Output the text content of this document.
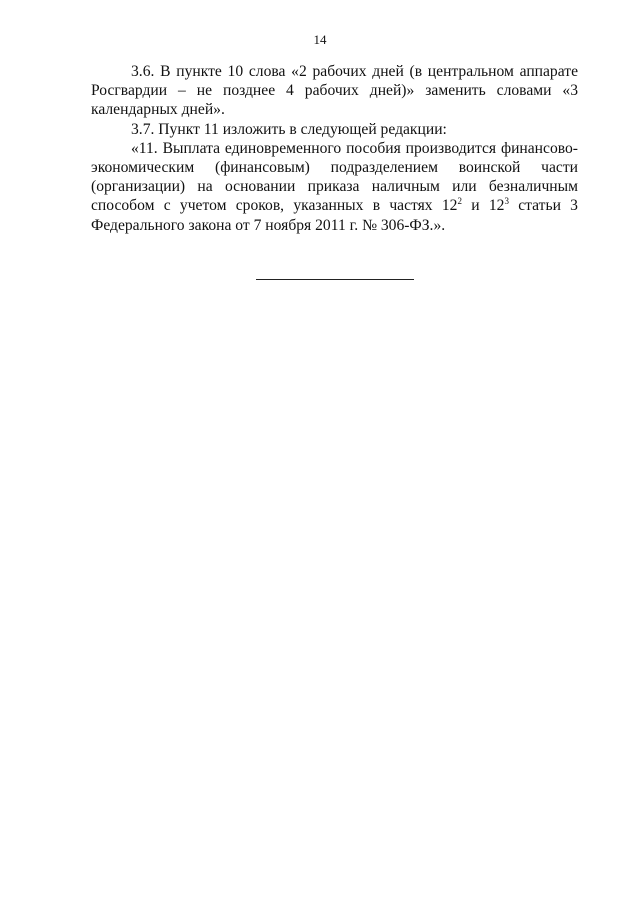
14

3.6. В пункте 10 слова «2 рабочих дней (в центральном аппарате Росгвардии – не позднее 4 рабочих дней)» заменить словами «3 календарных дней».

3.7. Пункт 11 изложить в следующей редакции:

«11. Выплата единовременного пособия производится финансово-экономическим (финансовым) подразделением воинской части (организации) на основании приказа наличным или безналичным способом с учетом сроков, указанных в частях $12^2$ и $12^3$ статьи 3 Федерального закона от 7 ноября 2011 г. № 306-ФЗ.».
